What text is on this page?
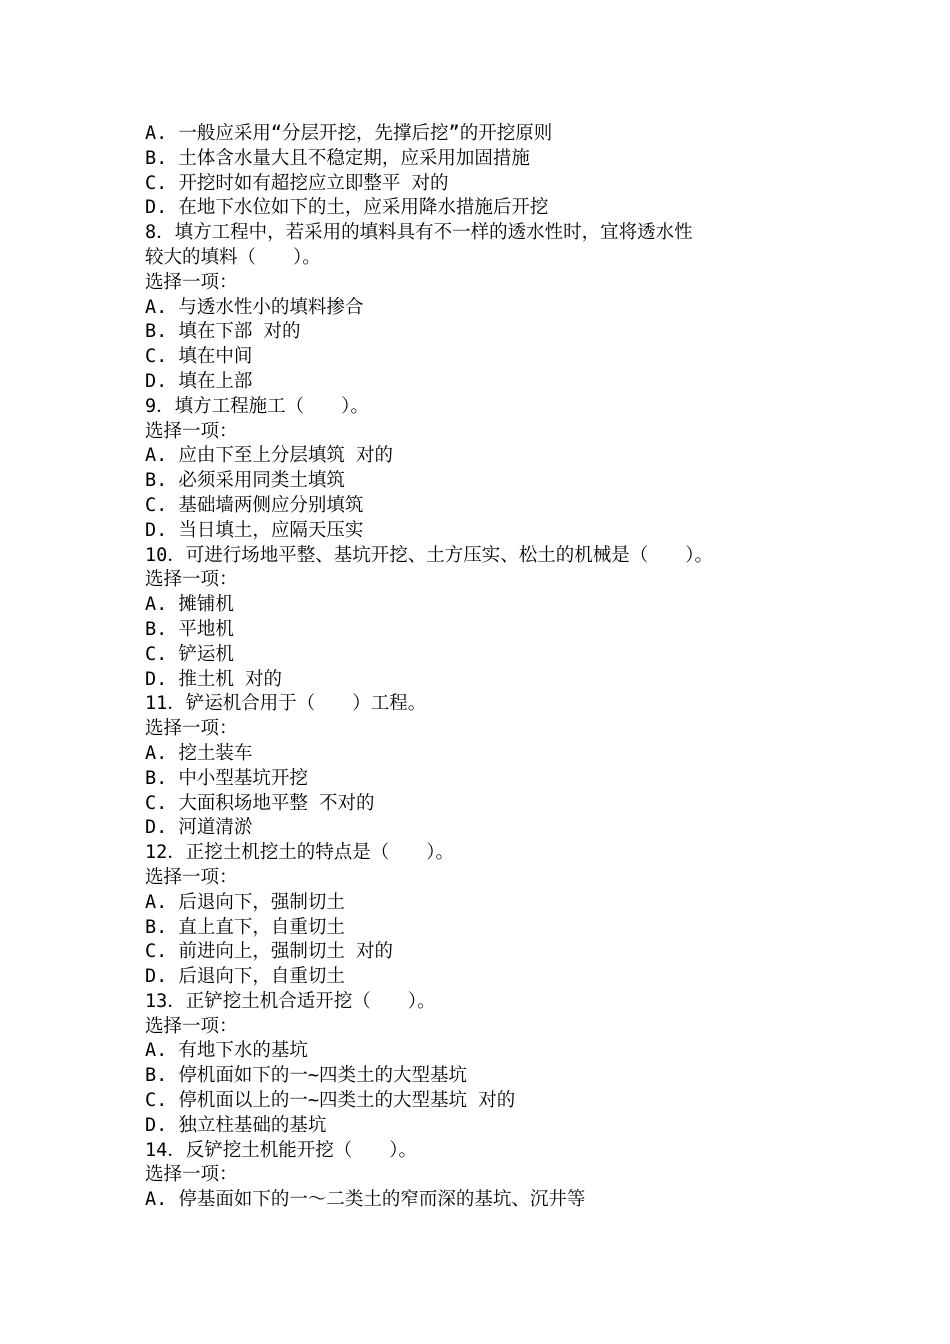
A. 一般应采用“分层开挖，先撑后挖”的开挖原则
B. 土体含水量大且不稳定期，应采用加固措施
C. 开挖时如有超挖应立即整平 对的
D. 在地下水位如下的土，应采用降水措施后开挖
8．填方工程中，若采用的填料具有不一样的透水性时，宜将透水性
较大的填料（　　）。
选择一项：
A. 与透水性小的填料掺合
B. 填在下部 对的
C. 填在中间
D. 填在上部
9．填方工程施工（　　）。
选择一项：
A. 应由下至上分层填筑 对的
B. 必须采用同类土填筑
C. 基础墙两侧应分别填筑
D. 当日填土，应隔天压实
10．可进行场地平整、基坑开挖、土方压实、松土的机械是（　　）。
选择一项：
A. 摊铺机
B. 平地机
C. 铲运机
D. 推土机 对的
11．铲运机合用于（　　）工程。
选择一项：
A. 挖土装车
B. 中小型基坑开挖
C. 大面积场地平整 不对的
D. 河道清淤
12．正挖土机挖土的特点是（　　）。
选择一项：
A. 后退向下，强制切土
B. 直上直下，自重切土
C. 前进向上，强制切土 对的
D. 后退向下，自重切土
13．正铲挖土机合适开挖（　　）。
选择一项：
A. 有地下水的基坑
B. 停机面如下的一~四类土的大型基坑
C. 停机面以上的一~四类土的大型基坑 对的
D. 独立柱基础的基坑
14．反铲挖土机能开挖（　　）。
选择一项：
A. 停基面如下的一～二类土的窄而深的基坑、沉井等
